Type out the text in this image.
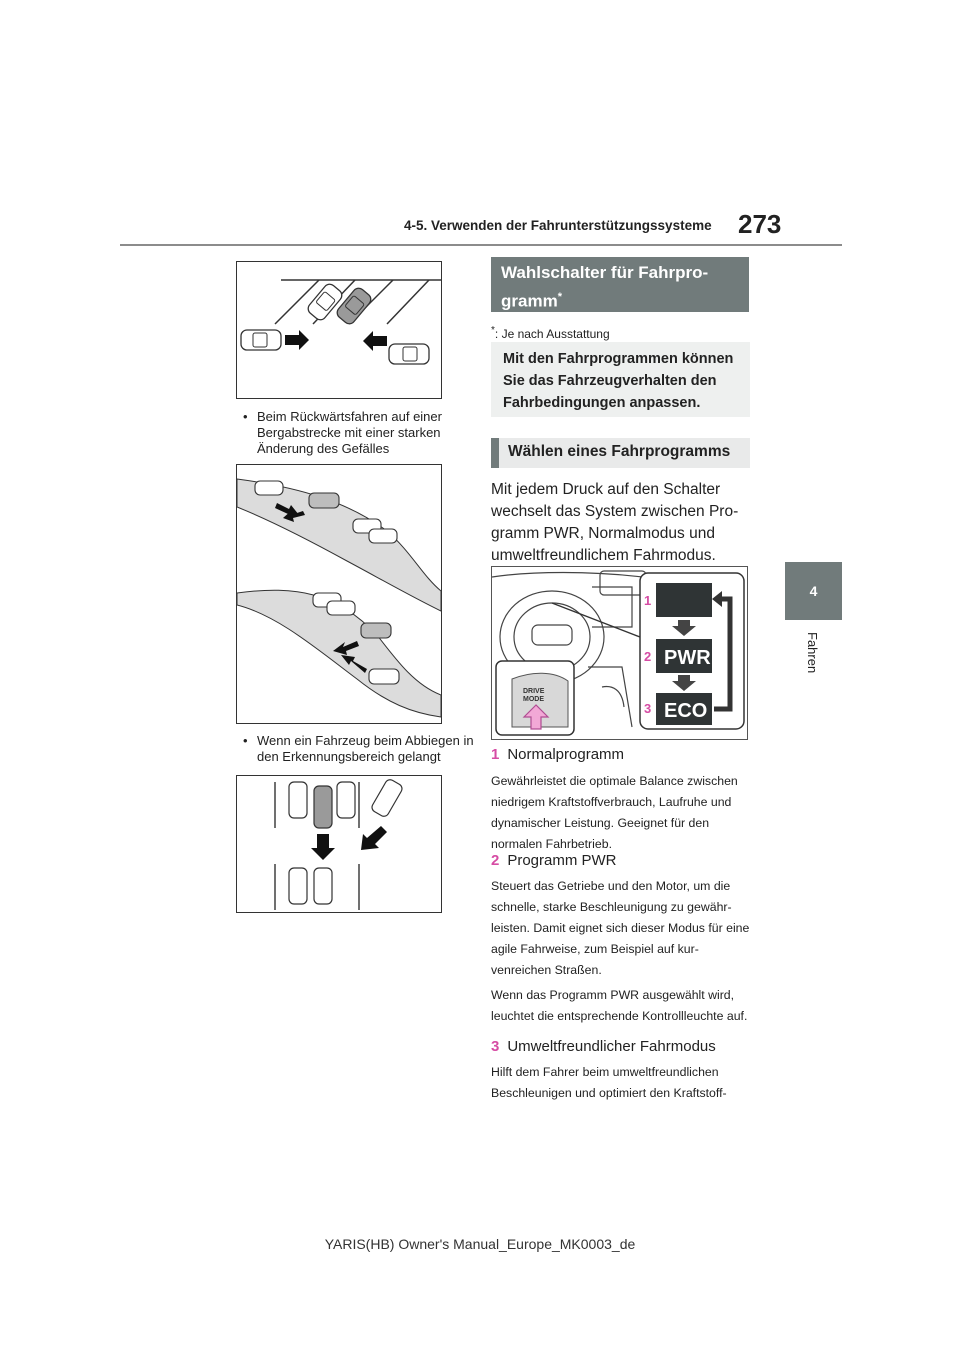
4-5. Verwenden der Fahrunterstützungssysteme 273
4
Fahren
• Beim Rückwärtsfahren auf einer Bergabstrecke mit einer starken Änderung des Gefälles
• Wenn ein Fahrzeug beim Abbiegen in den Erkennungsbereich gelangt
Wahlschalter für Fahrprogramm*
*: Je nach Ausstattung
Mit den Fahrprogrammen können Sie das Fahrzeugverhalten den Fahrbedingungen anpassen.
Wählen eines Fahrprogramms
Mit jedem Druck auf den Schalter wechselt das System zwischen Programm PWR, Normalmodus und umweltfreundlichem Fahrmodus.
DRIVE
MODE
PWR
ECO
1
2
3
1 Normalprogramm
Gewährleistet die optimale Balance zwischen niedrigem Kraftstoffverbrauch, Laufruhe und dynamischer Leistung. Geeignet für den normalen Fahrbetrieb.
2 Programm PWR
Steuert das Getriebe und den Motor, um die schnelle, starke Beschleunigung zu gewährleisten. Damit eignet sich dieser Modus für eine agile Fahrweise, zum Beispiel auf kurvenreichen Straßen.
Wenn das Programm PWR ausgewählt wird, leuchtet die entsprechende Kontrollleuchte auf.
3 Umweltfreundlicher Fahrmodus
Hilft dem Fahrer beim umweltfreundlichen Beschleunigen und optimiert den Kraftstoff-
YARIS(HB) Owner's Manual_Europe_MK0003_de
